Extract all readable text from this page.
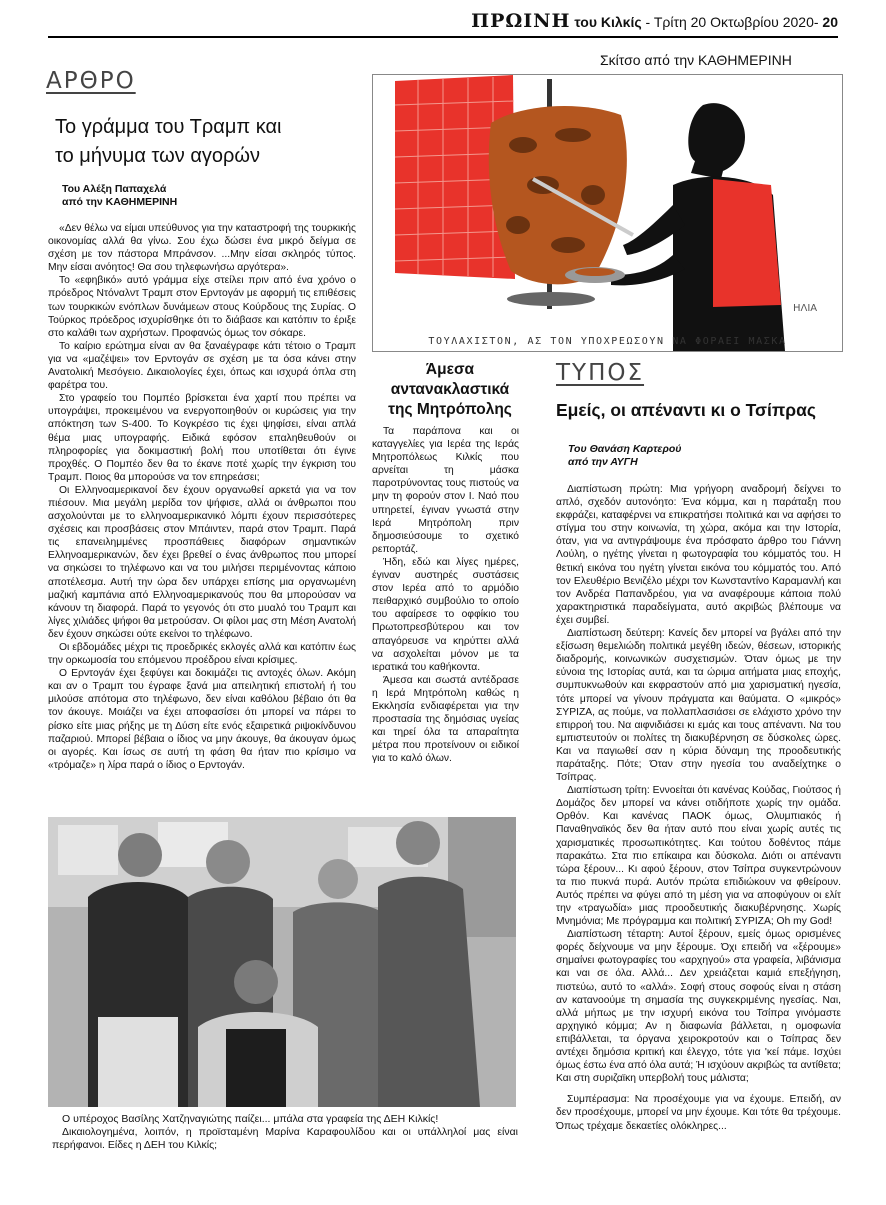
ΠΡΩΙΝΗ του Κιλκίς - Τρίτη 20 Οκτωβρίου 2020- 20
Σκίτσο από την ΚΑΘΗΜΕΡΙΝΗ
ΑΡΘΡΟ
Το γράμμα του Τραμπ και
το μήνυμα των αγορών
Του Αλέξη Παπαχελά
από την ΚΑΘΗΜΕΡΙΝΗ

«Δεν θέλω να είμαι υπεύθυνος για την καταστροφή της τουρκικής οικονομίας αλλά θα γίνω. Σου έχω δώσει ένα μικρό δείγμα σε σχέση με τον πάστορα Μπράνσον. ...Μην είσαι σκληρός τύπος. Μην είσαι ανόητος! Θα σου τηλεφωνήσω αργότερα».

Το «εφηβικό» αυτό γράμμα είχε στείλει πριν από ένα χρόνο ο πρόεδρος Ντόναλντ Τραμπ στον Ερντογάν με αφορμή τις επιθέσεις των τουρκικών ενόπλων δυνάμεων στους Κούρδους της Συρίας. Ο Τούρκος πρόεδρος ισχυρίσθηκε ότι το διάβασε και κατόπιν το έριξε στο καλάθι των αχρήστων. Προφανώς όμως τον σόκαρε.

Το καίριο ερώτημα είναι αν θα ξαναέγραφε κάτι τέτοιο ο Τραμπ για να «μαζέψει» τον Ερντογάν σε σχέση με τα όσα κάνει στην Ανατολική Μεσόγειο. Δικαιολογίες έχει, όπως και ισχυρά όπλα στη φαρέτρα του.

Στο γραφείο του Πομπέο βρίσκεται ένα χαρτί που πρέπει να υπογράψει, προκειμένου να ενεργοποιηθούν οι κυρώσεις για την απόκτηση των S-400. Το Κογκρέσο τις έχει ψηφίσει, είναι απλά θέμα μιας υπογραφής. Ειδικά εφόσον επαληθευθούν οι πληροφορίες για δοκιμαστική βολή που υποτίθεται ότι έγινε προχθές. Ο Πομπέο δεν θα το έκανε ποτέ χωρίς την έγκριση του Τραμπ. Ποιος θα μπορούσε να τον επηρεάσει;

Οι Ελληνοαμερικανοί δεν έχουν οργανωθεί αρκετά για να τον πιέσουν. Μια μεγάλη μερίδα τον ψήφισε, αλλά οι άνθρωποι που ασχολούνται με το ελληνοαμερικανικό λόμπι έχουν περισσότερες σχέσεις και προσβάσεις στον Μπάιντεν, παρά στον Τραμπ. Παρά τις επανειλημμένες προσπάθειες διαφόρων σημαντικών Ελληνοαμερικανών, δεν έχει βρεθεί ο ένας άνθρωπος που μπορεί να σηκώσει το τηλέφωνο και να του μιλήσει περιμένοντας κάποιο αποτέλεσμα. Αυτή την ώρα δεν υπάρχει επίσης μια οργανωμένη μαζική καμπάνια από Ελληνοαμερικανούς που θα μπορούσαν να κάνουν τη διαφορά. Παρά το γεγονός ότι στο μυαλό του Τραμπ και λίγες χιλιάδες ψήφοι θα μετρούσαν. Οι φίλοι μας στη Μέση Ανατολή δεν έχουν σηκώσει ούτε εκείνοι το τηλέφωνο.

Οι εβδομάδες μέχρι τις προεδρικές εκλογές αλλά και κατόπιν έως την ορκωμοσία του επόμενου προέδρου είναι κρίσιμες.

Ο Ερντογάν έχει ξεφύγει και δοκιμάζει τις αντοχές όλων. Ακόμη και αν ο Τραμπ του έγραφε ξανά μια απειλητική επιστολή ή του μιλούσε απότομα στο τηλέφωνο, δεν είναι καθόλου βέβαιο ότι θα τον άκουγε. Μοιάζει να έχει αποφασίσει ότι μπορεί να πάρει το ρίσκο είτε μιας ρήξης με τη Δύση είτε ενός εξαιρετικά ριψοκίνδυνου παζαριού. Μπορεί βέβαια ο ίδιος να μην άκουγε, θα άκουγαν όμως οι αγορές. Και ίσως σε αυτή τη φάση θα ήταν πιο κρίσιμο να «τρόμαζε» η λίρα παρά ο ίδιος ο Ερντογάν.

ΗΛΙΑ
ΤΟΥΛΑΧΙΣΤΟΝ, ΑΣ ΤΟΝ ΥΠΟΧΡΕΩΣΟΥΝ ΝΑ ΦΟΡΑΕΙ ΜΑΣΚΑ
Άμεσα αντανακλαστικά της Μητρόπολης

Τα παράπονα και οι καταγγελίες για Ιερέα της Ιεράς Μητροπόλεως Κιλκίς που αρνείται τη μάσκα παροτρύνοντας τους πιστούς να μην τη φορούν στον Ι. Ναό που υπηρετεί, έγιναν γνωστά στην Ιερά Μητρόπολη πριν δημοσιεύσουμε το σχετικό ρεπορτάζ.

Ήδη, εδώ και λίγες ημέρες, έγιναν αυστηρές συστάσεις στον Ιερέα από το αρμόδιο πειθαρχικό συμβούλιο το οποίο του αφαίρεσε το οφφίκιο του Πρωτοπρεσβύτερου και τον απαγόρευσε να κηρύττει αλλά να ασχολείται μόνον με τα ιερατικά του καθήκοντα.

Άμεσα και σωστά αντέδρασε η Ιερά Μητρόπολη καθώς η Εκκλησία ενδιαφέρεται για την προστασία της δημόσιας υγείας και τηρεί όλα τα απαραίτητα μέτρα που προτείνουν οι ειδικοί για το καλό όλων.

ΤΥΠΟΣ
Εμείς, οι απέναντι κι ο Τσίπρας
Του Θανάση Καρτερού
από την ΑΥΓΗ

Διαπίστωση πρώτη: Μια γρήγορη αναδρομή δείχνει το απλό, σχεδόν αυτονόητο: Ένα κόμμα, και η παράταξη που εκφράζει, καταφέρνει να επικρατήσει πολιτικά και να αφήσει το στίγμα του στην κοινωνία, τη χώρα, ακόμα και την Ιστορία, όταν, για να αντιγράψουμε ένα πρόσφατο άρθρο του Γιάννη Λούλη, ο ηγέτης γίνεται η φωτογραφία του κόμματός του. Η θετική εικόνα του ηγέτη γίνεται εικόνα του κόμματός του. Από τον Ελευθέριο Βενιζέλο μέχρι τον Κωνσταντίνο Καραμανλή και τον Ανδρέα Παπανδρέου, για να αναφέρουμε κάποια πολύ χαρακτηριστικά παραδείγματα, αυτό ακριβώς βλέπουμε να έχει συμβεί.

Διαπίστωση δεύτερη: Κανείς δεν μπορεί να βγάλει από την εξίσωση θεμελιώδη πολιτικά μεγέθη ιδεών, θέσεων, ιστορικής διαδρομής, κοινωνικών συσχετισμών. Όταν όμως με την εύνοια της Ιστορίας αυτά, και τα ώριμα αιτήματα μιας εποχής, συμπυκνωθούν και εκφραστούν από μια χαρισματική ηγεσία, τότε μπορεί να γίνουν πράγματα και θαύματα. Ο «μικρός» ΣΥΡΙΖΑ, ας πούμε, να πολλαπλασιάσει σε ελάχιστο χρόνο την επιρροή του. Να αιφνιδιάσει κι εμάς και τους απέναντι. Να του εμπιστευτούν οι πολίτες τη διακυβέρνηση σε δύσκολες ώρες. Και να παγιωθεί σαν η κύρια δύναμη της προοδευτικής παράταξης. Πότε; Όταν στην ηγεσία του αναδείχτηκε ο Τσίπρας.

Διαπίστωση τρίτη: Εννοείται ότι κανένας Κούδας, Γιούτσος ή Δομάζος δεν μπορεί να κάνει οτιδήποτε χωρίς την ομάδα. Ορθόν. Και κανένας ΠΑΟΚ όμως, Ολυμπιακός ή Παναθηναϊκός δεν θα ήταν αυτό που είναι χωρίς αυτές τις χαρισματικές προσωπικότητες. Και τούτου δοθέντος πάμε παρακάτω. Στα πιο επίκαιρα και δύσκολα. Διότι οι απέναντι τώρα ξέρουν... Κι αφού ξέρουν, στον Τσίπρα συγκεντρώνουν τα πιο πυκνά πυρά. Αυτόν πρώτα επιδιώκουν να φθείρουν. Αυτός πρέπει να φύγει από τη μέση για να αποφύγουν οι ελίτ την «τραγωδία» μιας προοδευτικής διακυβέρνησης. Χωρίς Μνημόνια; Με πρόγραμμα και πολιτική ΣΥΡΙΖΑ; Oh my God!

Διαπίστωση τέταρτη: Αυτοί ξέρουν, εμείς όμως ορισμένες φορές δείχνουμε να μην ξέρουμε. Όχι επειδή να «ξέρουμε» σημαίνει φωτογραφίες του «αρχηγού» στα γραφεία, λιβάνισμα και ναι σε όλα. Αλλά... Δεν χρειάζεται καμιά επεξήγηση, πιστεύω, αυτό το «αλλά». Σοφή στους σοφούς είναι η στάση αν κατανοούμε τη σημασία της συγκεκριμένης ηγεσίας. Ναι, αλλά μήπως με την ισχυρή εικόνα του Τσίπρα γινόμαστε αρχηγικό κόμμα; Αν η διαφωνία βάλλεται, η ομοφωνία επιβάλλεται, τα όργανα χειροκροτούν και ο Τσίπρας δεν αντέχει δημόσια κριτική και έλεγχο, τότε για 'κεί πάμε. Ισχύει όμως έστω ένα από όλα αυτά; Ή ισχύουν ακριβώς τα αντίθετα; Και στη συριζαϊκη υπερβολή τους μάλιστα;

Συμπέρασμα: Να προσέχουμε για να έχουμε. Επειδή, αν δεν προσέχουμε, μπορεί να μην έχουμε. Και τότε θα τρέχουμε. Όπως τρέχαμε δεκαετίες ολόκληρες...

Ο υπέροχος Βασίλης Χατζηναγιώτης παίζει... μπάλα στα γραφεία της ΔΕΗ Κιλκίς!

Δικαιολογημένα, λοιπόν, η προϊσταμένη Μαρίνα Καραφουλίδου και οι υπάλληλοί μας είναι περήφανοι. Είδες η ΔΕΗ του Κιλκίς;
